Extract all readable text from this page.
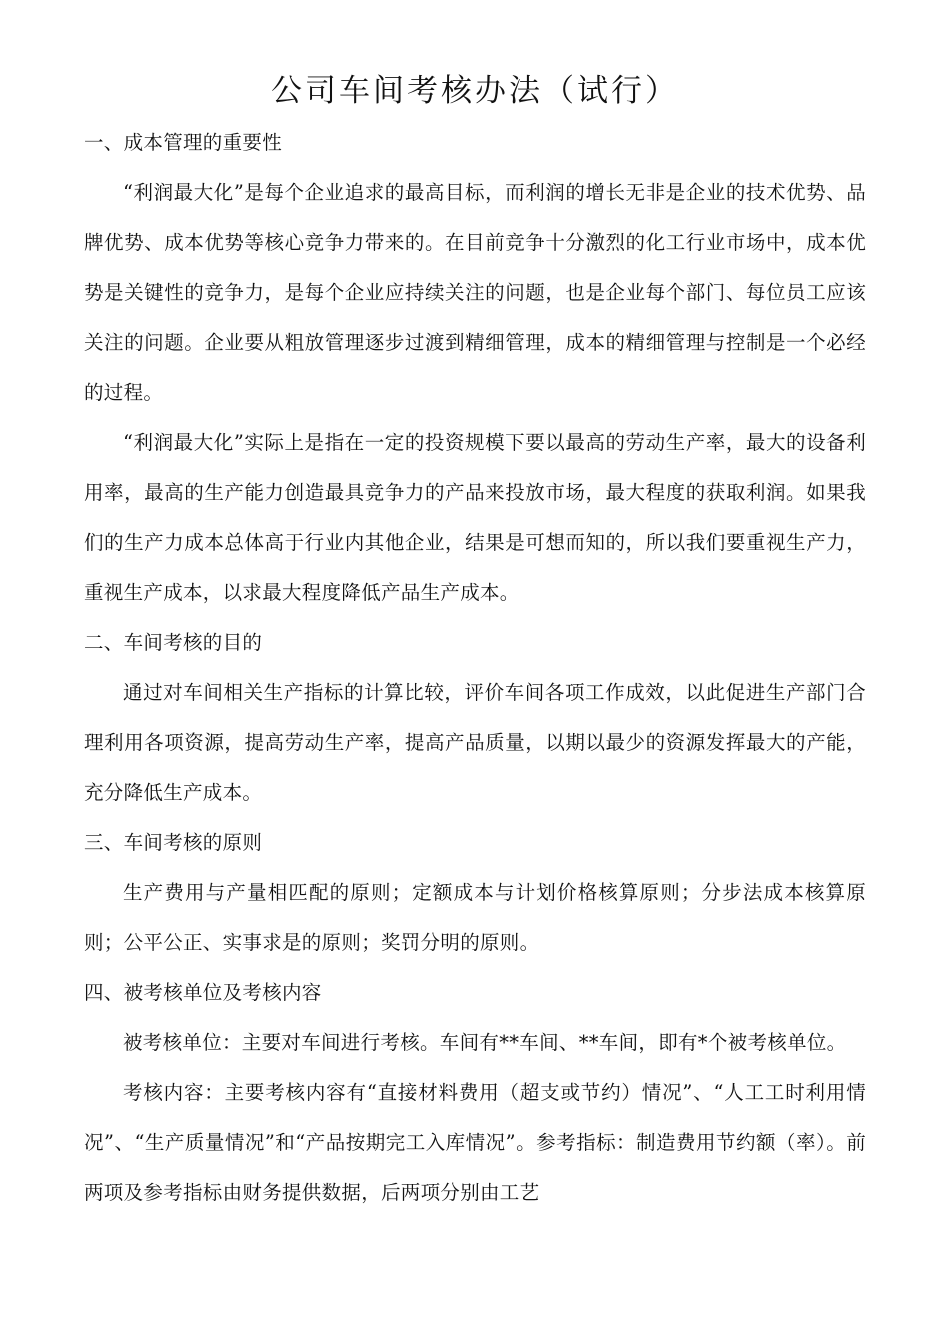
公司车间考核办法（试行）

一、成本管理的重要性

“利润最大化”是每个企业追求的最高目标，而利润的增长无非是企业的技术优势、品牌优势、成本优势等核心竞争力带来的。在目前竞争十分激烈的化工行业市场中，成本优势是关键性的竞争力，是每个企业应持续关注的问题，也是企业每个部门、每位员工应该关注的问题。企业要从粗放管理逐步过渡到精细管理，成本的精细管理与控制是一个必经的过程。

“利润最大化”实际上是指在一定的投资规模下要以最高的劳动生产率，最大的设备利用率，最高的生产能力创造最具竞争力的产品来投放市场，最大程度的获取利润。如果我们的生产力成本总体高于行业内其他企业，结果是可想而知的，所以我们要重视生产力，重视生产成本，以求最大程度降低产品生产成本。

二、车间考核的目的

通过对车间相关生产指标的计算比较，评价车间各项工作成效，以此促进生产部门合理利用各项资源，提高劳动生产率，提高产品质量，以期以最少的资源发挥最大的产能，充分降低生产成本。

三、车间考核的原则

生产费用与产量相匹配的原则；定额成本与计划价格核算原则；分步法成本核算原则；公平公正、实事求是的原则；奖罚分明的原则。

四、被考核单位及考核内容

被考核单位：主要对车间进行考核。车间有**车间、**车间，即有*个被考核单位。

考核内容：主要考核内容有“直接材料费用（超支或节约）情况”、“人工工时利用情况”、“生产质量情况”和“产品按期完工入库情况”。参考指标：制造费用节约额（率）。前两项及参考指标由财务提供数据，后两项分别由工艺
